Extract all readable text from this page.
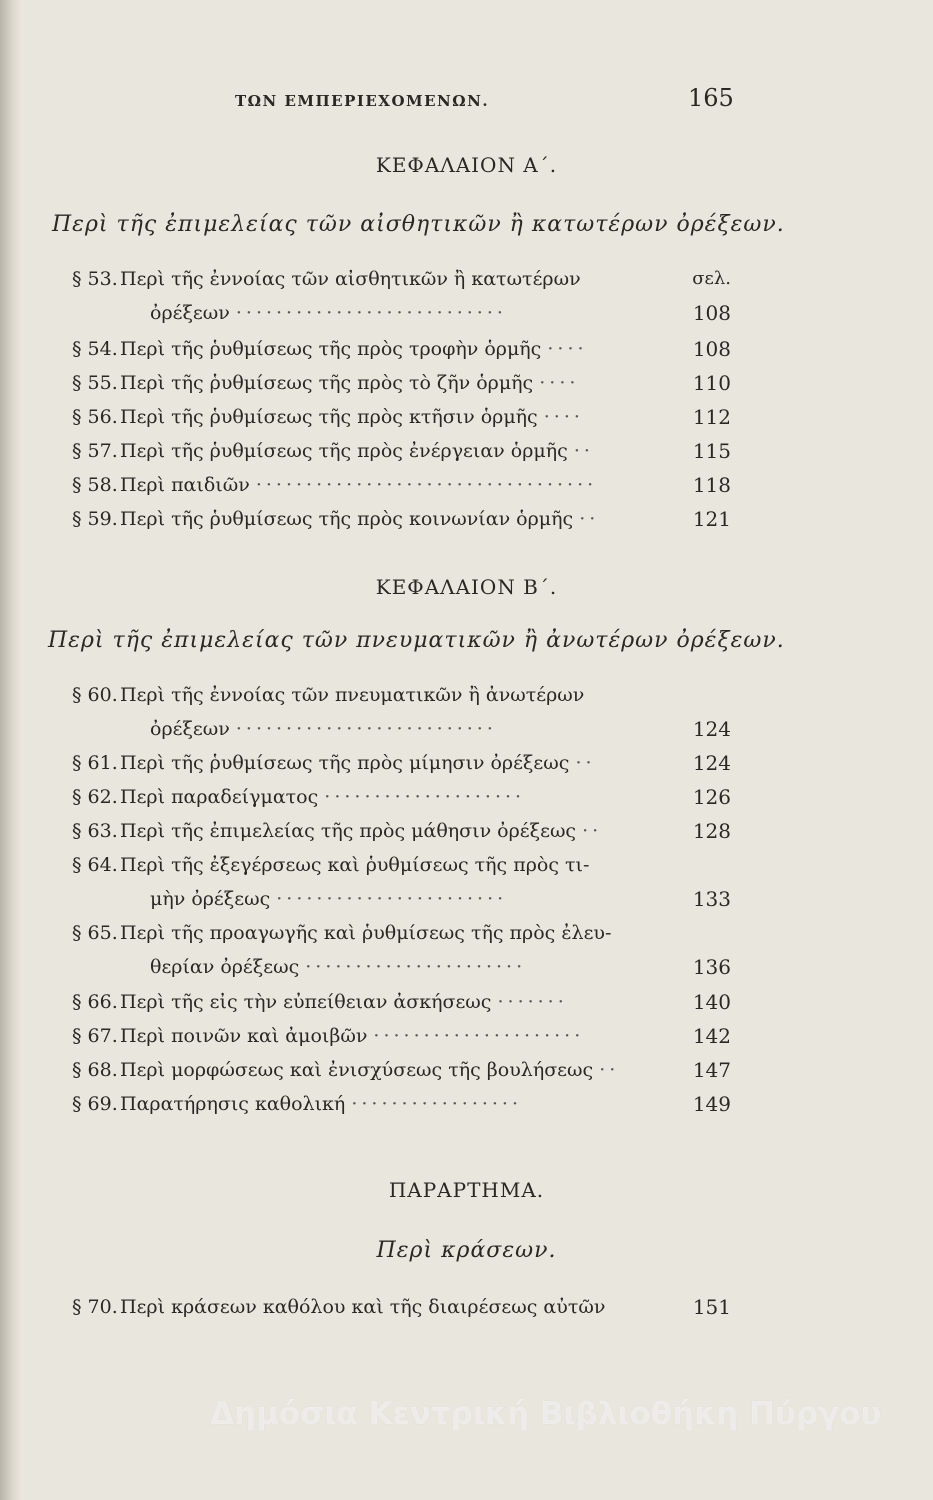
ΤΩΝ ΕΜΠΕΡΙΕΧΟΜΕΝΩΝ.	165
ΚΕΦΑΛΑΙΟΝ Α΄.
Περὶ τῆς ἐπιμελείας τῶν αἰσθητικῶν ἢ κατωτέρων ὀρέξεων.
§ 53. Περὶ τῆς ἐννοίας τῶν αἰσθητικῶν ἢ κατωτέρων	σελ.
ὀρέξεων ···························	108
§ 54. Περὶ τῆς ῥυθμίσεως τῆς πρὸς τροφὴν ὁρμῆς ····	108
§ 55. Περὶ τῆς ῥυθμίσεως τῆς πρὸς τὸ ζῆν ὁρμῆς ····	110
§ 56. Περὶ τῆς ῥυθμίσεως τῆς πρὸς κτῆσιν ὁρμῆς ····	112
§ 57. Περὶ τῆς ῥυθμίσεως τῆς πρὸς ἐνέργειαν ὁρμῆς ··	115
§ 58. Περὶ παιδιῶν ··································	118
§ 59. Περὶ τῆς ῥυθμίσεως τῆς πρὸς κοινωνίαν ὁρμῆς ··	121
ΚΕΦΑΛΑΙΟΝ Β΄.
Περὶ τῆς ἐπιμελείας τῶν πνευματικῶν ἢ ἀνωτέρων ὀρέξεων.
§ 60. Περὶ τῆς ἐννοίας τῶν πνευματικῶν ἢ ἀνωτέρων
ὀρέξεων ··························	124
§ 61. Περὶ τῆς ῥυθμίσεως τῆς πρὸς μίμησιν ὀρέξεως ··	124
§ 62. Περὶ παραδείγματος ····················	126
§ 63. Περὶ τῆς ἐπιμελείας τῆς πρὸς μάθησιν ὀρέξεως ··	128
§ 64. Περὶ τῆς ἐξεγέρσεως καὶ ῥυθμίσεως τῆς πρὸς τι-
μὴν ὀρέξεως ·······················	133
§ 65. Περὶ τῆς προαγωγῆς καὶ ῥυθμίσεως τῆς πρὸς ἐλευ-
θερίαν ὀρέξεως ······················	136
§ 66. Περὶ τῆς εἰς τὴν εὐπείθειαν ἀσκήσεως ·······	140
§ 67. Περὶ ποινῶν καὶ ἀμοιβῶν ·····················	142
§ 68. Περὶ μορφώσεως καὶ ἐνισχύσεως τῆς βουλήσεως ··	147
§ 69. Παρατήρησις καθολική ·················	149
ΠΑΡΑΡΤΗΜΑ.
Περὶ κράσεων.
§ 70. Περὶ κράσεων καθόλου καὶ τῆς διαιρέσεως αὐτῶν	151
Δημόσια Κεντρική Βιβλιοθήκη Πύργου
